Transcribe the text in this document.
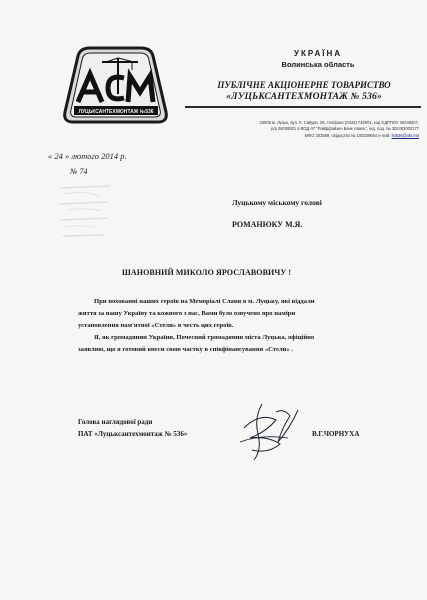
ЛУЦЬКСАНТЕХМОНТАЖ №536
УКРАЇНА
Волинська область
ПУБЛІЧНЕ АКЦІОНЕРНЕ ТОВАРИСТВО
«ЛУЦЬКСАНТЕХМОНТАЖ № 536»
43005 м. Луцьк, вул. К. Савури, 29, тел/факс (0332) 746001, код ЄДРПОУ 30248307,
р/р 26008821 в ВОД АТ "Райффайзен Банк Аваль", інд. под. № 302483003177
МФО 303589, свідоцтво № 100339654 e-mail: lst536@ukr.net
« 24 » лютого 2014 р.
№ 74
Луцькому міському голові
РОМАНЮКУ М.Я.
ШАНОВНИЙ МИКОЛО ЯРОСЛАВОВИЧУ !

При похованні наших героїв на Меморіалі Слави в м. Луцьку, які віддали

життя за нашу Україну та кожного з нас, Вами було озвучено про наміри

установлення пам'ятної «Стели» в честь цих героїв.

Я, як громадянин України, Почесний громадянин міста Луцька, офіційно

заявляю, що я готовий внеси свою частку в співфінансування «Стели» .

Голова наглядової ради
ПАТ «Луцьксантехмонтаж № 536»	В.Г.ЧОРНУХА
